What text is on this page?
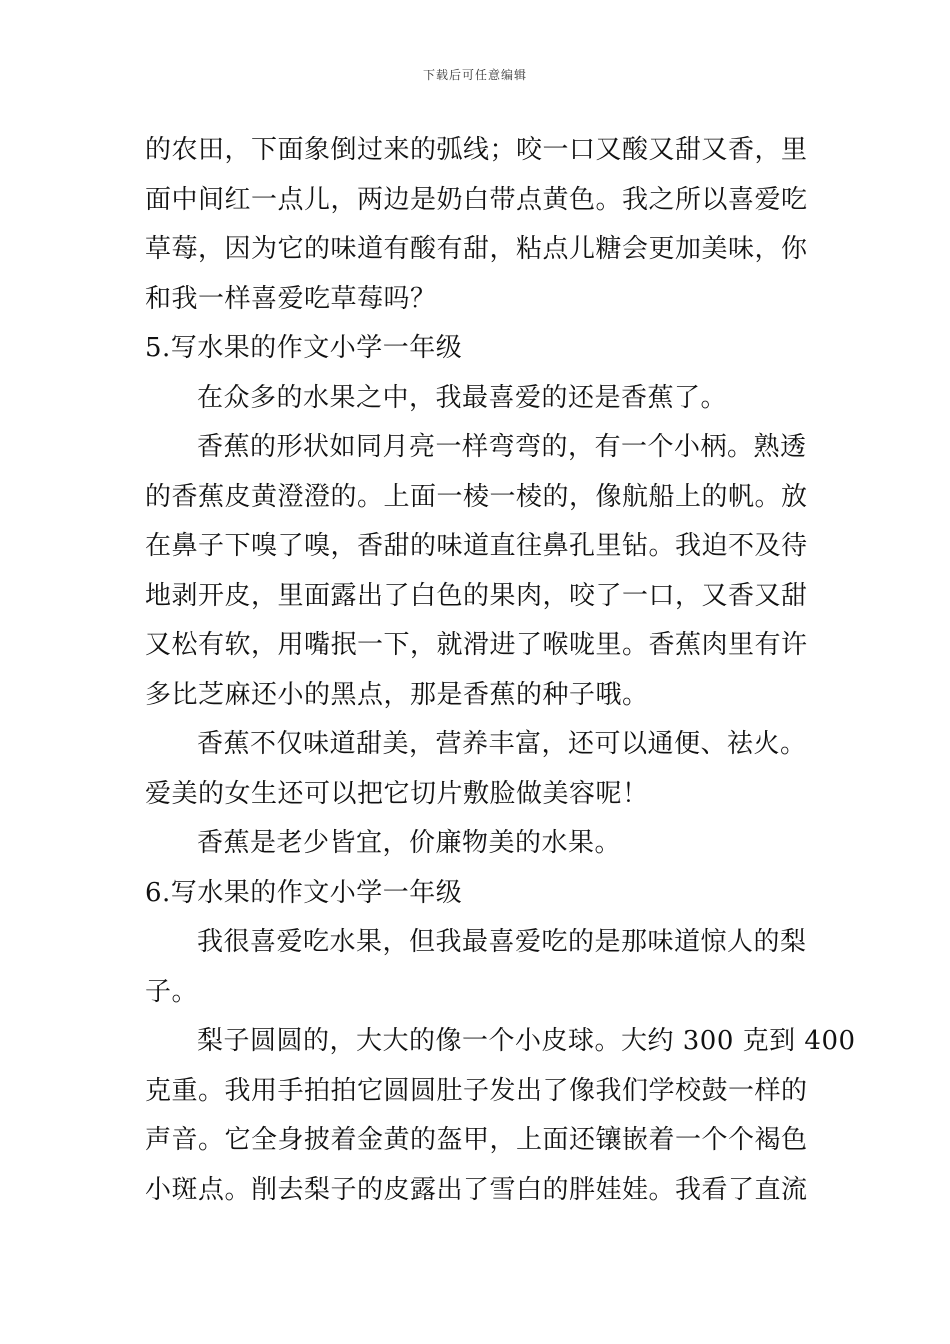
下载后可任意编辑
的农田，下面象倒过来的弧线；咬一口又酸又甜又香，里
面中间红一点儿，两边是奶白带点黄色。我之所以喜爱吃
草莓，因为它的味道有酸有甜，粘点儿糖会更加美味，你
和我一样喜爱吃草莓吗？
5.写水果的作文小学一年级
在众多的水果之中，我最喜爱的还是香蕉了。
香蕉的形状如同月亮一样弯弯的，有一个小柄。熟透
的香蕉皮黄澄澄的。上面一棱一棱的，像航船上的帆。放
在鼻子下嗅了嗅，香甜的味道直往鼻孔里钻。我迫不及待
地剥开皮，里面露出了白色的果肉，咬了一口，又香又甜
又松有软，用嘴抿一下，就滑进了喉咙里。香蕉肉里有许
多比芝麻还小的黑点，那是香蕉的种子哦。
香蕉不仅味道甜美，营养丰富，还可以通便、祛火。
爱美的女生还可以把它切片敷脸做美容呢！
香蕉是老少皆宜，价廉物美的水果。
6.写水果的作文小学一年级
我很喜爱吃水果，但我最喜爱吃的是那味道惊人的梨
子。
梨子圆圆的，大大的像一个小皮球。大约 300 克到 400
克重。我用手拍拍它圆圆肚子发出了像我们学校鼓一样的
声音。它全身披着金黄的盔甲，上面还镶嵌着一个个褐色
小斑点。削去梨子的皮露出了雪白的胖娃娃。我看了直流
